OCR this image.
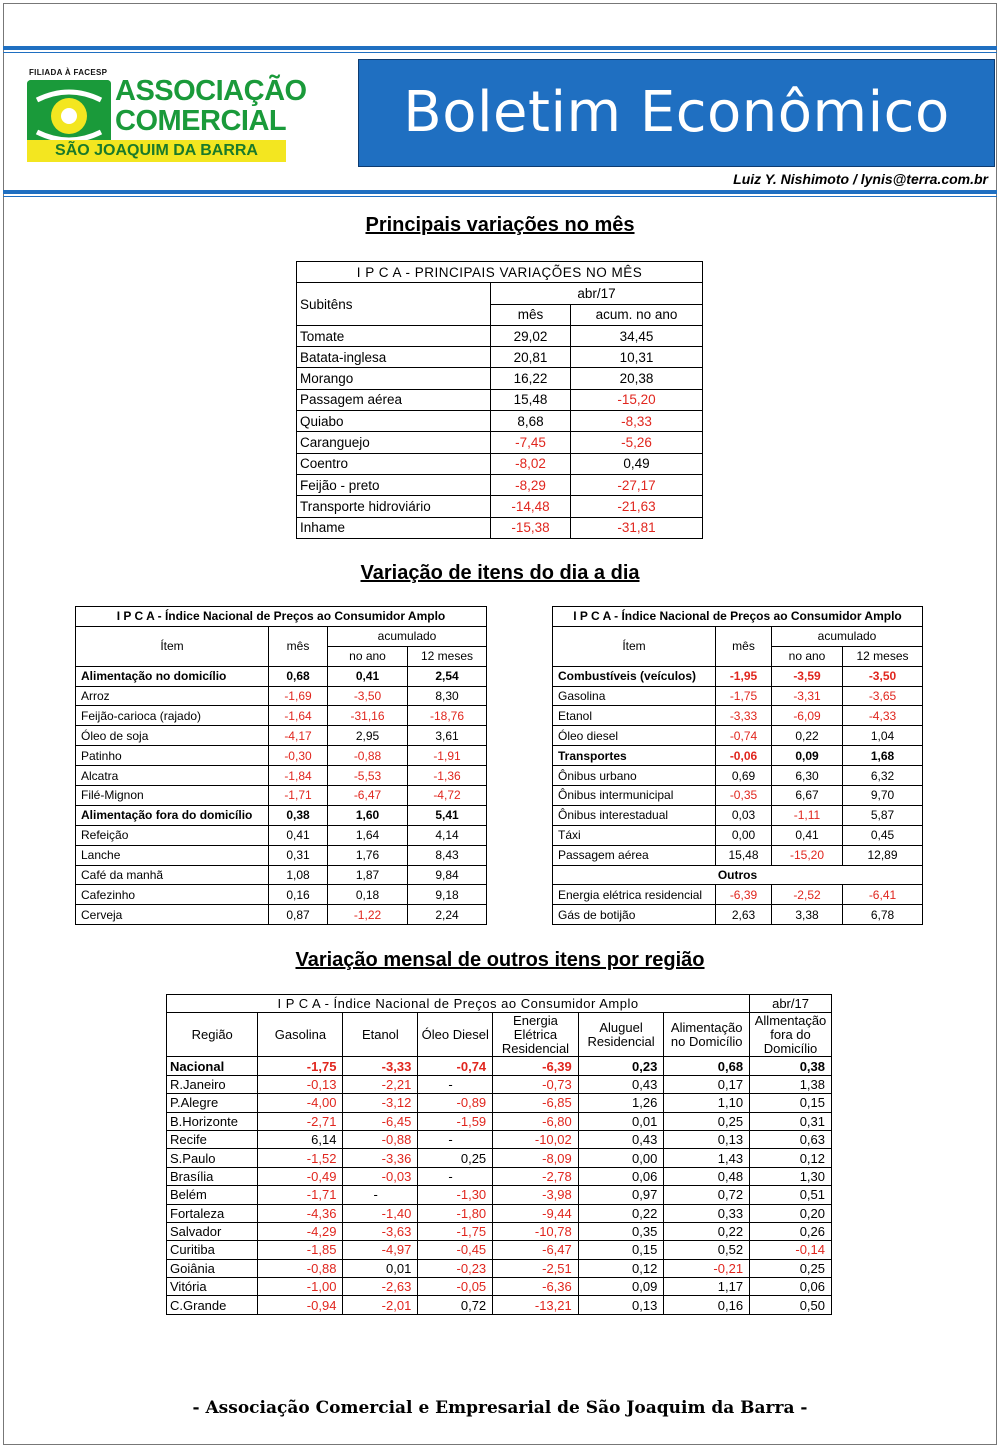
FILIADA À FACESP
ASSOCIAÇÃO
COMERCIAL
SÃO JOAQUIM DA BARRA
Boletim Econômico
Luiz Y. Nishimoto / lynis@terra.com.br
Principais variações no mês
I P C A - PRINCIPAIS VARIAÇÕES NO MÊS		
Subitêns	abr/17	
	mês	acum. no ano
Tomate	29,02	34,45
Batata-inglesa	20,81	10,31
Morango	16,22	20,38
Passagem aérea	15,48	-15,20
Quiabo	8,68	-8,33
Caranguejo	-7,45	-5,26
Coentro	-8,02	0,49
Feijão - preto	-8,29	-27,17
Transporte hidroviário	-14,48	-21,63
Inhame	-15,38	-31,81
Variação de itens do dia a dia
I P C A - Índice Nacional de Preços ao Consumidor Amplo			
Ítem	mês	acumulado	
		no ano	12 meses
Alimentação no domicílio	0,68	0,41	2,54
Arroz	-1,69	-3,50	8,30
Feijão-carioca (rajado)	-1,64	-31,16	-18,76
Óleo de soja	-4,17	2,95	3,61
Patinho	-0,30	-0,88	-1,91
Alcatra	-1,84	-5,53	-1,36
Filé-Mignon	-1,71	-6,47	-4,72
Alimentação fora do domicílio	0,38	1,60	5,41
Refeição	0,41	1,64	4,14
Lanche	0,31	1,76	8,43
Café da manhã	1,08	1,87	9,84
Cafezinho	0,16	0,18	9,18
Cerveja	0,87	-1,22	2,24
I P C A - Índice Nacional de Preços ao Consumidor Amplo			
Ítem	mês	acumulado	
		no ano	12 meses
Combustíveis (veículos)	-1,95	-3,59	-3,50
Gasolina	-1,75	-3,31	-3,65
Etanol	-3,33	-6,09	-4,33
Óleo diesel	-0,74	0,22	1,04
Transportes	-0,06	0,09	1,68
Ônibus urbano	0,69	6,30	6,32
Ônibus intermunicipal	-0,35	6,67	9,70
Ônibus interestadual	0,03	-1,11	5,87
Táxi	0,00	0,41	0,45
Passagem aérea	15,48	-15,20	12,89
Outros			
Energia elétrica residencial	-6,39	-2,52	-6,41
Gás de botijão	2,63	3,38	6,78
Variação mensal de outros itens por região
I P C A - Índice Nacional de Preços ao Consumidor Amplo							abr/17
Região	Gasolina	Etanol	Óleo Diesel	Energia Elétrica Residencial	Aluguel Residencial	Alimentação no Domicílio	Allmentação fora do Domicílio
Nacional	-1,75	-3,33	-0,74	-6,39	0,23	0,68	0,38
R.Janeiro	-0,13	-2,21	-	-0,73	0,43	0,17	1,38
P.Alegre	-4,00	-3,12	-0,89	-6,85	1,26	1,10	0,15
B.Horizonte	-2,71	-6,45	-1,59	-6,80	0,01	0,25	0,31
Recife	6,14	-0,88	-	-10,02	0,43	0,13	0,63
S.Paulo	-1,52	-3,36	0,25	-8,09	0,00	1,43	0,12
Brasília	-0,49	-0,03	-	-2,78	0,06	0,48	1,30
Belém	-1,71	-	-1,30	-3,98	0,97	0,72	0,51
Fortaleza	-4,36	-1,40	-1,80	-9,44	0,22	0,33	0,20
Salvador	-4,29	-3,63	-1,75	-10,78	0,35	0,22	0,26
Curitiba	-1,85	-4,97	-0,45	-6,47	0,15	0,52	-0,14
Goiânia	-0,88	0,01	-0,23	-2,51	0,12	-0,21	0,25
Vitória	-1,00	-2,63	-0,05	-6,36	0,09	1,17	0,06
C.Grande	-0,94	-2,01	0,72	-13,21	0,13	0,16	0,50
- Associação Comercial e Empresarial de São Joaquim da Barra -
